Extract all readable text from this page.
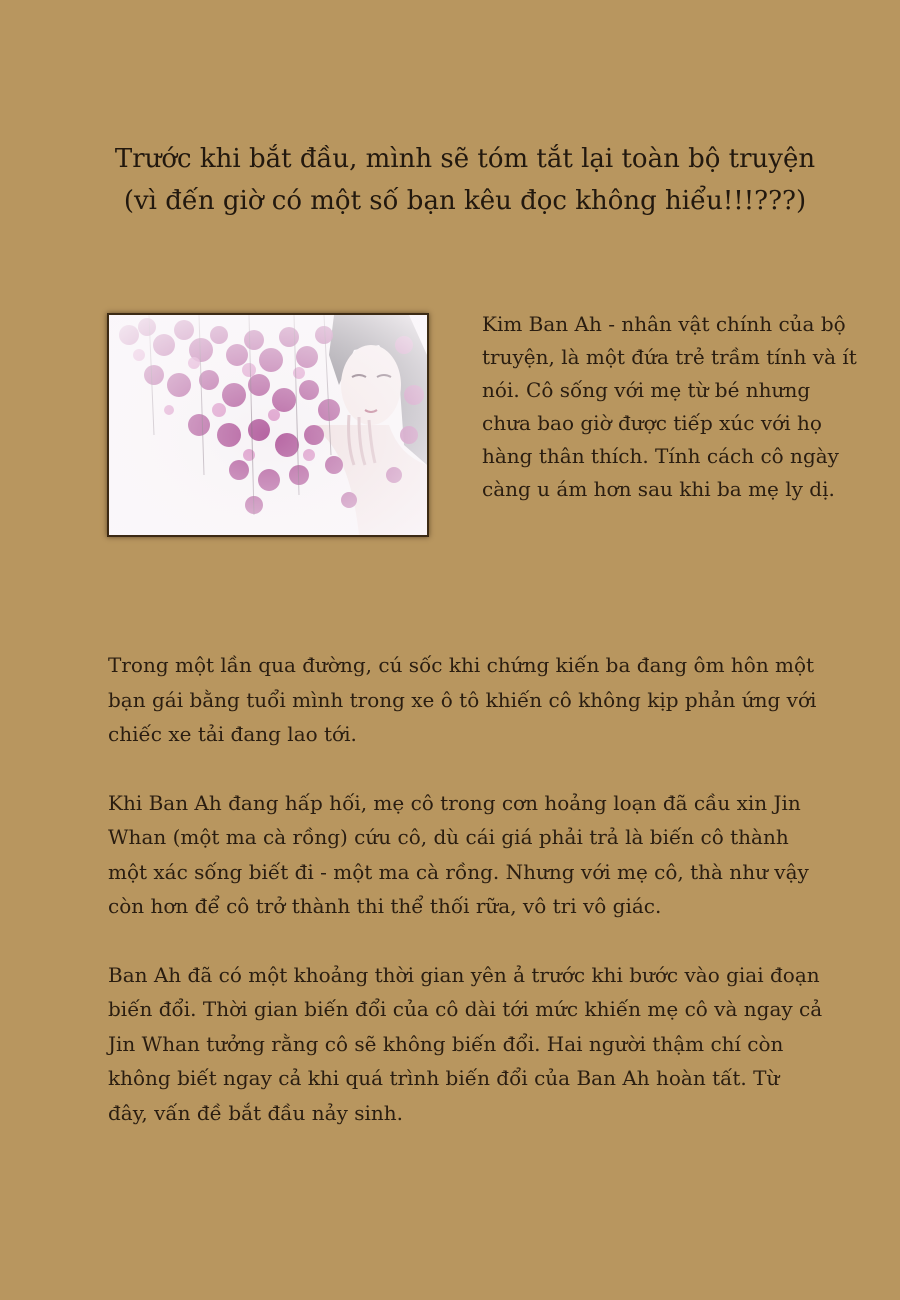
Trước khi bắt đầu, mình sẽ tóm tắt lại toàn bộ truyện
(vì đến giờ có một số bạn kêu đọc không hiểu!!!???)

Kim Ban Ah - nhân vật chính của bộ truyện, là một đứa trẻ trầm tính và ít nói. Cô sống với mẹ từ bé nhưng chưa bao giờ được tiếp xúc với họ hàng thân thích. Tính cách cô ngày càng u ám hơn sau khi ba mẹ ly dị.

Trong một lần qua đường, cú sốc khi chứng kiến ba đang ôm hôn một bạn gái bằng tuổi mình trong xe ô tô khiến cô không kịp phản ứng với chiếc xe tải đang lao tới.

Khi Ban Ah đang hấp hối, mẹ cô trong cơn hoảng loạn đã cầu xin Jin Whan (một ma cà rồng) cứu cô, dù cái giá phải trả là biến cô thành một xác sống biết đi - một ma cà rồng. Nhưng với mẹ cô, thà như vậy còn hơn để cô trở thành thi thể thối rữa, vô tri vô giác.

Ban Ah đã có một khoảng thời gian yên ả trước khi bước vào giai đoạn biến đổi. Thời gian biến đổi của cô dài tới mức khiến mẹ cô và ngay cả Jin Whan tưởng rằng cô sẽ không biến đổi. Hai người thậm chí còn không biết ngay cả khi quá trình biến đổi của Ban Ah hoàn tất. Từ đây, vấn đề bắt đầu nảy sinh.
